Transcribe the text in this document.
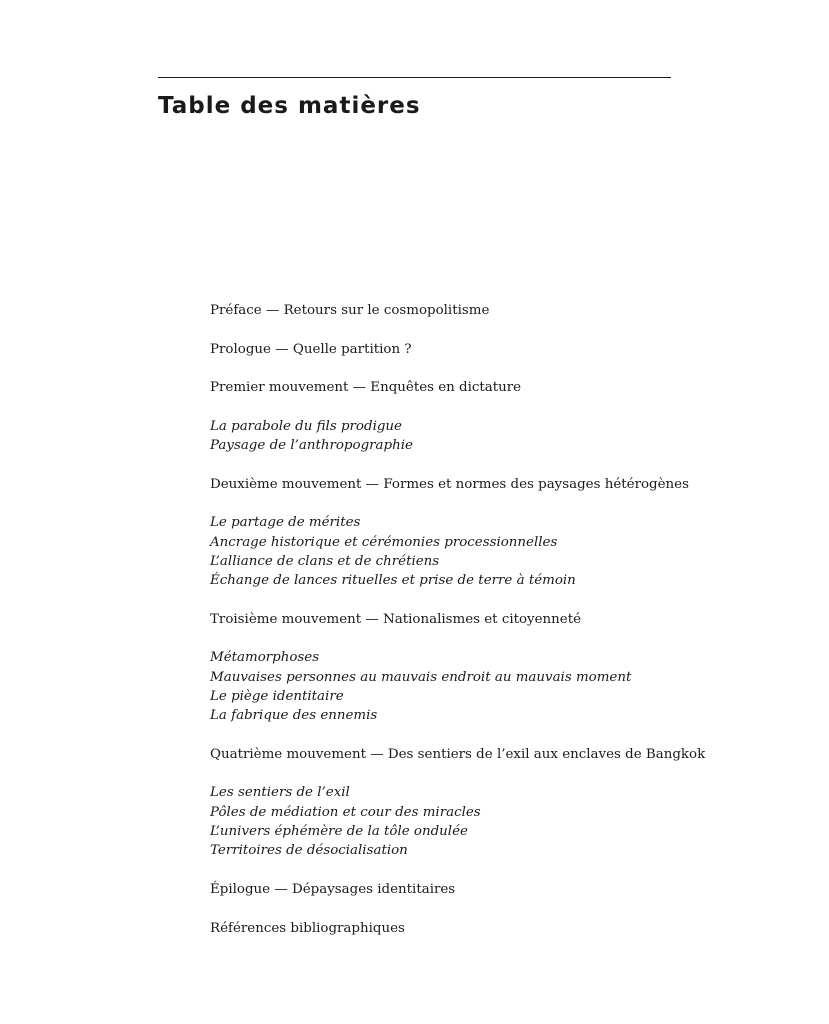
Table des matières
Préface — Retours sur le cosmopolitisme
Prologue — Quelle partition ?
Premier mouvement — Enquêtes en dictature
La parabole du fils prodigue
Paysage de l’anthropographie
Deuxième mouvement — Formes et normes des paysages hétérogènes
Le partage de mérites
Ancrage historique et cérémonies processionnelles
L’alliance de clans et de chrétiens
Échange de lances rituelles et prise de terre à témoin
Troisième mouvement — Nationalismes et citoyenneté
Métamorphoses
Mauvaises personnes au mauvais endroit au mauvais moment
Le piège identitaire
La fabrique des ennemis
Quatrième mouvement — Des sentiers de l’exil aux enclaves de Bangkok
Les sentiers de l’exil
Pôles de médiation et cour des miracles
L’univers éphémère de la tôle ondulée
Territoires de désocialisation
Épilogue — Dépaysages identitaires
Références bibliographiques
